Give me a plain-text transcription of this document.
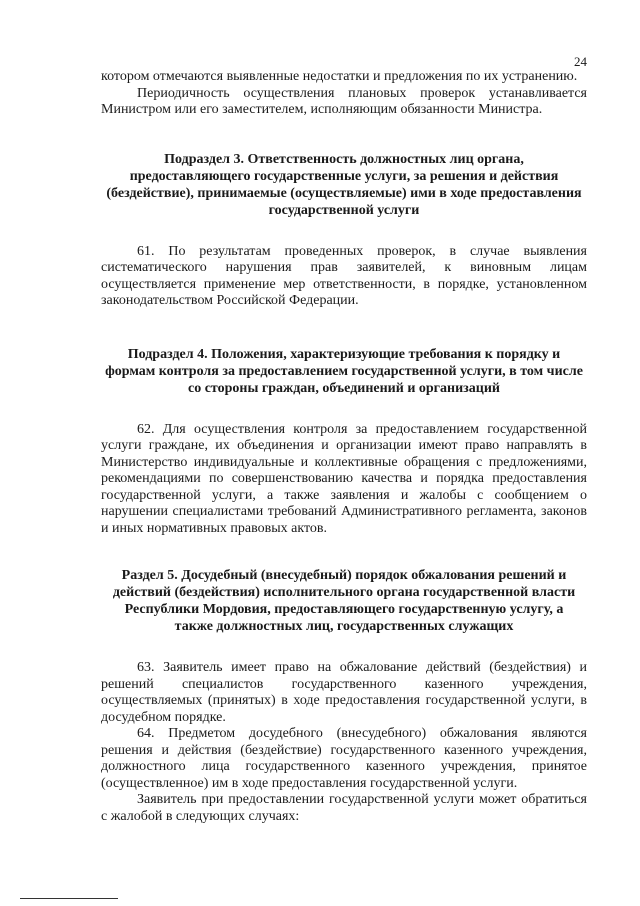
24

котором отмечаются выявленные недостатки и предложения по их устранению.

Периодичность осуществления плановых проверок устанавливается Министром или его заместителем, исполняющим обязанности Министра.

Подраздел 3. Ответственность должностных лиц органа, предоставляющего государственные услуги, за решения и действия (бездействие), принимаемые (осуществляемые) ими в ходе предоставления государственной услуги

61. По результатам проведенных проверок, в случае выявления систематического нарушения прав заявителей, к виновным лицам осуществляется применение мер ответственности, в порядке, установленном законодательством Российской Федерации.

Подраздел 4. Положения, характеризующие требования к порядку и формам контроля за предоставлением государственной услуги, в том числе со стороны граждан, объединений и организаций

62. Для осуществления контроля за предоставлением государственной услуги граждане, их объединения и организации имеют право направлять в Министерство индивидуальные и коллективные обращения с предложениями, рекомендациями по совершенствованию качества и порядка предоставления государственной услуги, а также заявления и жалобы с сообщением о нарушении специалистами требований Административного регламента, законов и иных нормативных правовых актов.

Раздел 5. Досудебный (внесудебный) порядок обжалования решений и действий (бездействия) исполнительного органа государственной власти Республики Мордовия, предоставляющего государственную услугу, а также должностных лиц, государственных служащих

63. Заявитель имеет право на обжалование действий (бездействия) и решений специалистов государственного казенного учреждения, осуществляемых (принятых) в ходе предоставления государственной услуги, в досудебном порядке.

64. Предметом досудебного (внесудебного) обжалования являются решения и действия (бездействие) государственного казенного учреждения, должностного лица государственного казенного учреждения, принятое (осуществленное) им в ходе предоставления государственной услуги.

Заявитель при предоставлении государственной услуги может обратиться с жалобой в следующих случаях:
